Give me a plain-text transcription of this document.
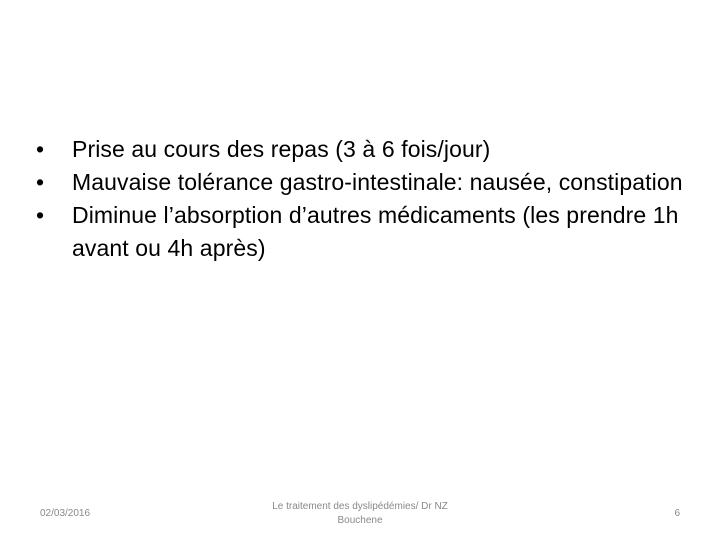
•	Prise au cours des repas (3 à 6 fois/jour)
•	Mauvaise tolérance gastro-intestinale: nausée, constipation
•	Diminue l’absorption d’autres médicaments (les prendre 1h avant ou 4h après)
02/03/2016
Le traitement des dyslipédémies/ Dr NZ Bouchene
6
